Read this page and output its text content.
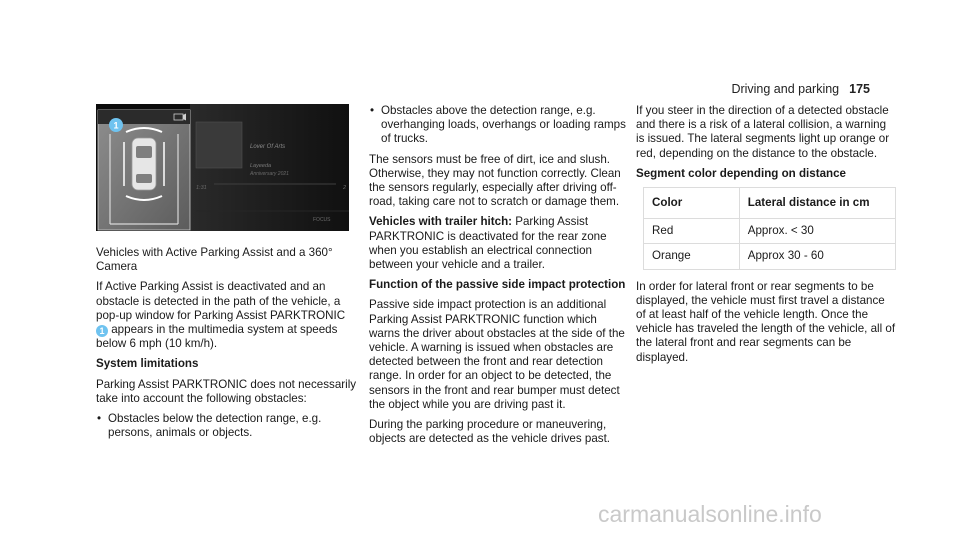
Driving and parking 175
1
Lover Of Arts
Layeeda
Anniversary 2021
1:31	2
FOCUS

Vehicles with Active Parking Assist and a 360° Camera

If Active Parking Assist is deactivated and an obstacle is detected in the path of the vehicle, a pop-up window for Parking Assist PARKTRONIC
1 appears in the multimedia system at speeds below 6 mph (10 km/h).

System limitations

Parking Assist PARKTRONIC does not necessarily take into account the following obstacles:

• Obstacles below the detection range, e.g. persons, animals or objects.
• Obstacles above the detection range, e.g. overhanging loads, overhangs or loading ramps of trucks.

The sensors must be free of dirt, ice and slush. Otherwise, they may not function correctly. Clean the sensors regularly, especially after driving off-road, taking care not to scratch or damage them.

Vehicles with trailer hitch: Parking Assist PARKTRONIC is deactivated for the rear zone when you establish an electrical connection between your vehicle and a trailer.

Function of the passive side impact protection

Passive side impact protection is an additional Parking Assist PARKTRONIC function which warns the driver about obstacles at the side of the vehicle. A warning is issued when obstacles are detected between the front and rear detection range. In order for an object to be detected, the sensors in the front and rear bumper must detect the object while you are driving past it.

During the parking procedure or maneuvering, objects are detected as the vehicle drives past.

If you steer in the direction of a detected obstacle and there is a risk of a lateral collision, a warning is issued. The lateral segments light up orange or red, depending on the distance to the obstacle.

Segment color depending on distance

Color	Lateral distance in cm
Red	Approx. < 30
Orange	Approx 30 - 60

In order for lateral front or rear segments to be displayed, the vehicle must first travel a distance of at least half of the vehicle length. Once the vehicle has traveled the length of the vehicle, all of the lateral front and rear segments can be displayed.

carmanualsonline.info
